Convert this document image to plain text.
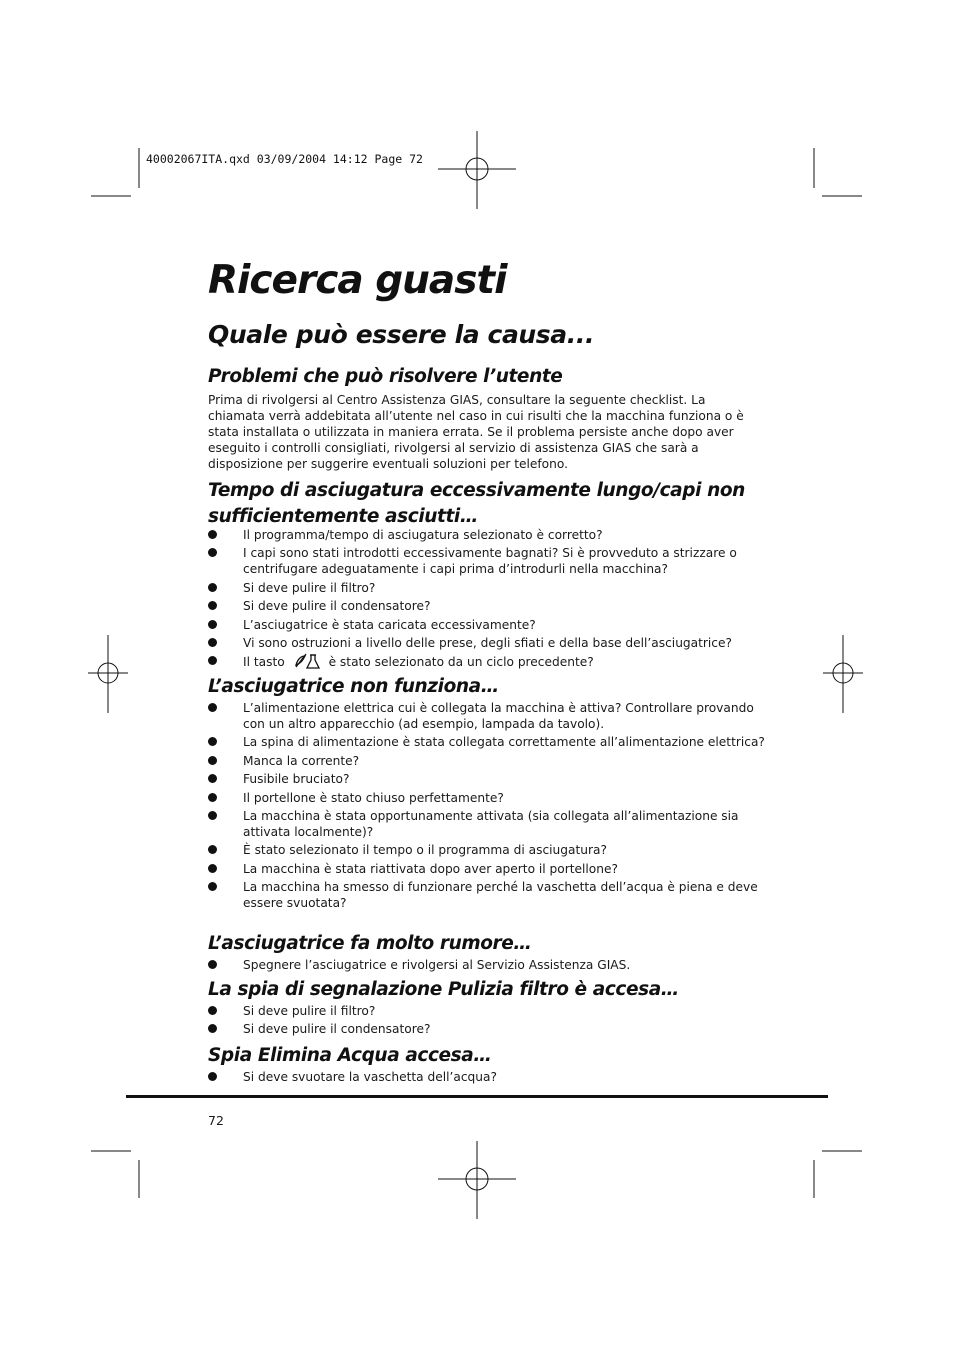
40002067ITA.qxd 03/09/2004 14:12 Page 72
Ricerca guasti
Quale può essere la causa...
Problemi che può risolvere l’utente
Prima di rivolgersi al Centro Assistenza GIAS, consultare la seguente checklist. La chiamata verrà addebitata all’utente nel caso in cui risulti che la macchina funziona o è stata installata o utilizzata in maniera errata. Se il problema persiste anche dopo aver eseguito i controlli consigliati, rivolgersi al servizio di assistenza GIAS che sarà a disposizione per suggerire eventuali soluzioni per telefono.
Tempo di asciugatura eccessivamente lungo/capi non sufficientemente asciutti…
Il programma/tempo di asciugatura selezionato è corretto?
I capi sono stati introdotti eccessivamente bagnati? Si è provveduto a strizzare o centrifugare adeguatamente i capi prima d’introdurli nella macchina?
Si deve pulire il filtro?
Si deve pulire il condensatore?
L’asciugatrice è stata caricata eccessivamente?
Vi sono ostruzioni a livello delle prese, degli sfiati e della base dell’asciugatrice?
Il tasto	è stato selezionato da un ciclo precedente?
L’asciugatrice non funziona…
L’alimentazione elettrica cui è collegata la macchina è attiva? Controllare provando con un altro apparecchio (ad esempio, lampada da tavolo).
La spina di alimentazione è stata collegata correttamente all’alimentazione elettrica?
Manca la corrente?
Fusibile bruciato?
Il portellone è stato chiuso perfettamente?
La macchina è stata opportunamente attivata (sia collegata all’alimentazione sia attivata localmente)?
È stato selezionato il tempo o il programma di asciugatura?
La macchina è stata riattivata dopo aver aperto il portellone?
La macchina ha smesso di funzionare perché la vaschetta dell’acqua è piena e deve essere svuotata?
L’asciugatrice fa molto rumore…
Spegnere l’asciugatrice e rivolgersi al Servizio Assistenza GIAS.
La spia di segnalazione Pulizia filtro è accesa…
Si deve pulire il filtro?
Si deve pulire il condensatore?
Spia Elimina Acqua accesa…
Si deve svuotare la vaschetta dell’acqua?
72
